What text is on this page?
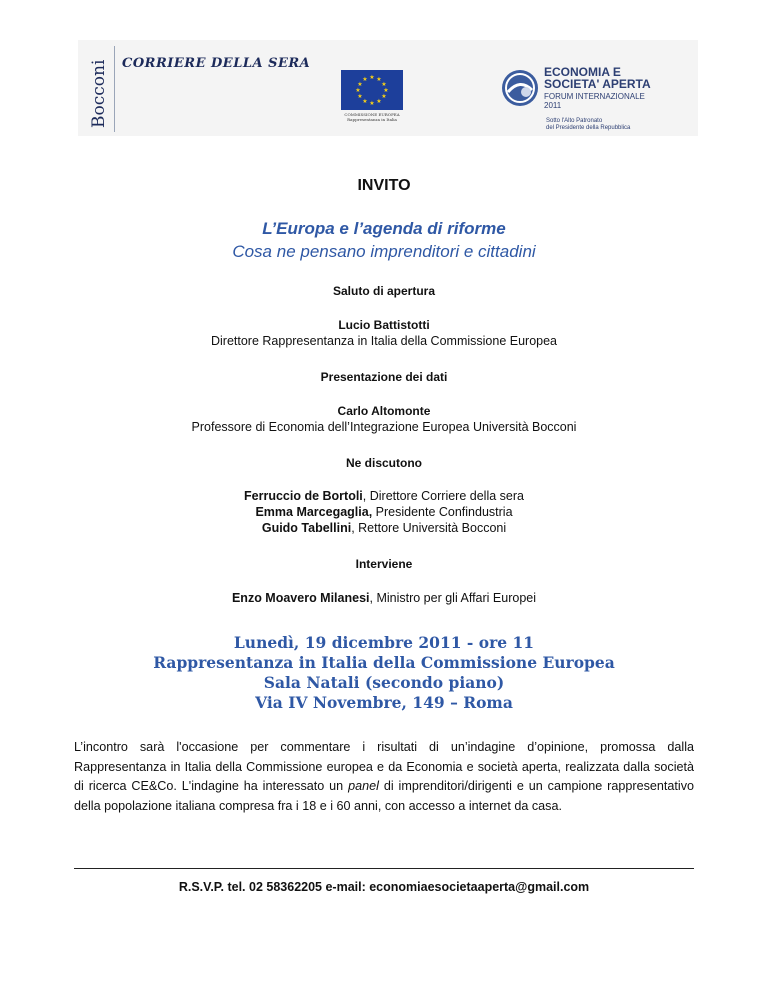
Bocconi CORRIERE DELLA SERA
★ ★
★
★
★
★
★
★
★
★
★
★
COMMISSIONE EUROPEA
Rappresentanza in Italia
ECONOMIA E
SOCIETA' APERTA
FORUM INTERNAZIONALE
2011
Sotto l'Alto Patronato
del Presidente della Repubblica
INVITO
L’Europa e l’agenda di riforme
Cosa ne pensano imprenditori e cittadini
Saluto di apertura
Lucio Battistotti
Direttore Rappresentanza in Italia della Commissione Europea
Presentazione dei dati
Carlo Altomonte
Professore di Economia dell’Integrazione Europea Università Bocconi
Ne discutono
Ferruccio de Bortoli, Direttore Corriere della sera
Emma Marcegaglia, Presidente Confindustria
Guido Tabellini, Rettore Università Bocconi
Interviene
Enzo Moavero Milanesi, Ministro per gli Affari Europei
Lunedì, 19 dicembre 2011 - ore 11
Rappresentanza in Italia della Commissione Europea
Sala Natali (secondo piano)
Via IV Novembre, 149 – Roma
L’incontro sarà l'occasione per commentare i risultati di un’indagine d’opinione, promossa dalla Rappresentanza in Italia della Commissione europea e da Economia e società aperta, realizzata dalla società di ricerca CE&Co. L'indagine ha interessato un panel di imprenditori/dirigenti e un campione rappresentativo della popolazione italiana compresa fra i 18 e i 60 anni, con accesso a internet da casa.
R.S.V.P. tel. 02 58362205 e-mail: economiaesocietaaperta@gmail.com
